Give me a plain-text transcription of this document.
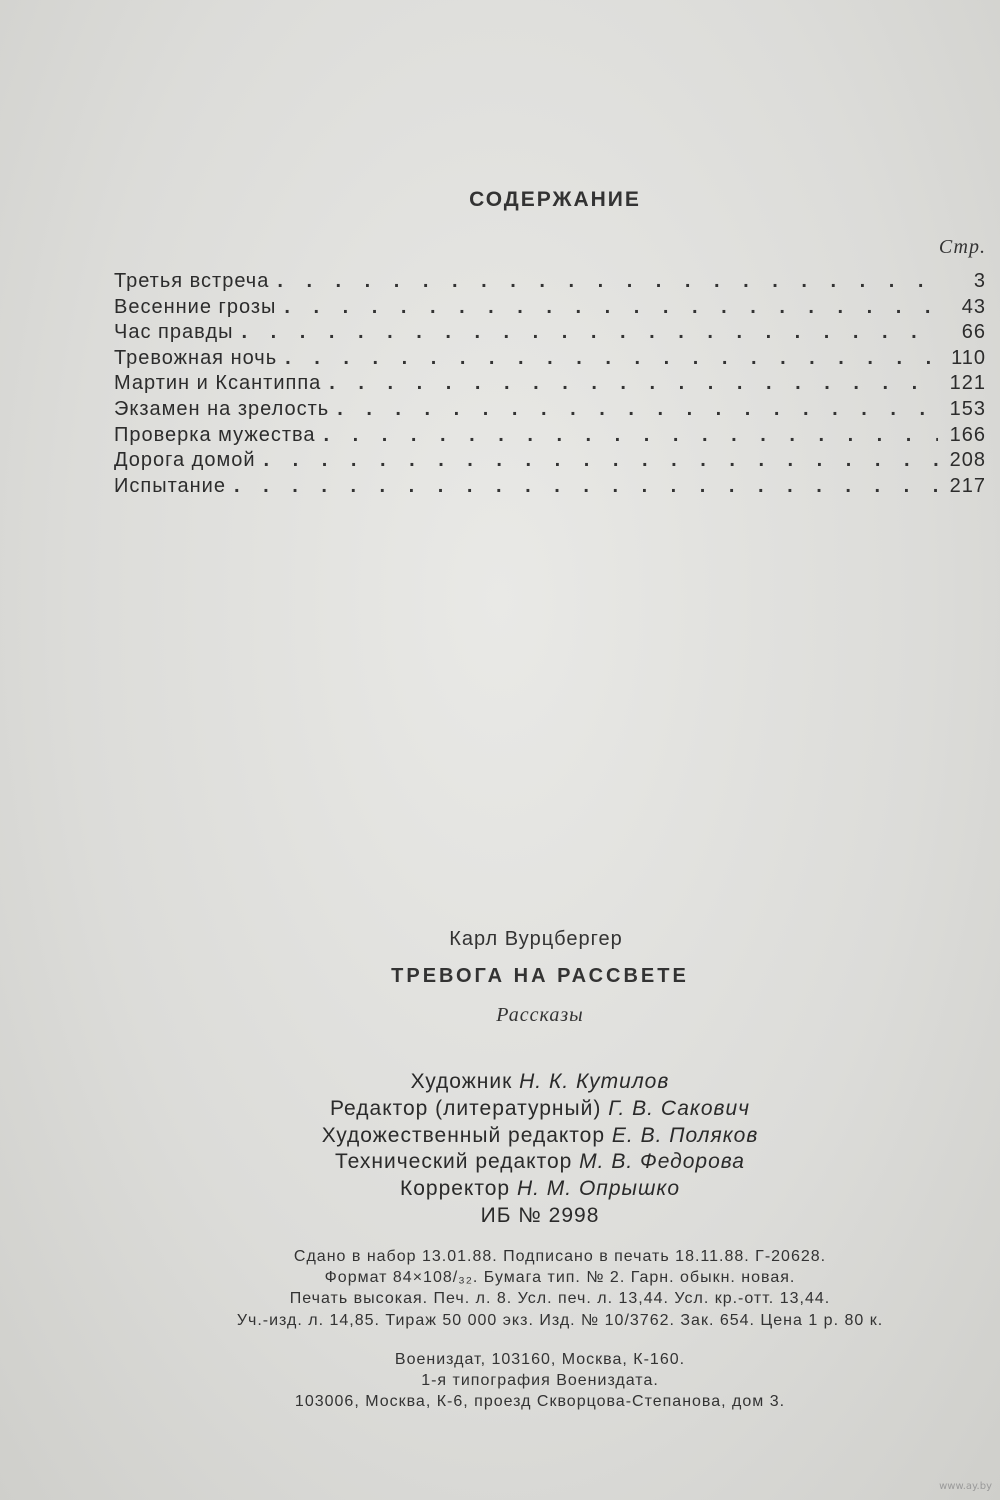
СОДЕРЖАНИЕ
Стр.
Третья встреча . . .	3
Весенние грозы . . .	43
Час правды . . .	66
Тревожная ночь . . .	110
Мартин и Ксантиппа . . .	121
Экзамен на зрелость . . .	153
Проверка мужества . . .	166
Дорога домой . . .	208
Испытание . . .	217
Карл Вурцбергер
ТРЕВОГА НА РАССВЕТЕ
Рассказы
Художник Н. К. Кутилов
Редактор (литературный) Г. В. Сакович
Художественный редактор Е. В. Поляков
Технический редактор М. В. Федорова
Корректор Н. М. Опрышко
ИБ № 2998
Сдано в набор 13.01.88. Подписано в печать 18.11.88. Г-20628.
Формат 84×108/₃₂. Бумага тип. № 2. Гарн. обыкн. новая.
Печать высокая. Печ. л. 8. Усл. печ. л. 13,44. Усл. кр.-отт. 13,44.
Уч.-изд. л. 14,85. Тираж 50 000 экз. Изд. № 10/3762. Зак. 654. Цена 1 р. 80 к.
Воениздат, 103160, Москва, К-160.
1-я типография Воениздата.
103006, Москва, К-6, проезд Скворцова-Степанова, дом 3.
www.ay.by
